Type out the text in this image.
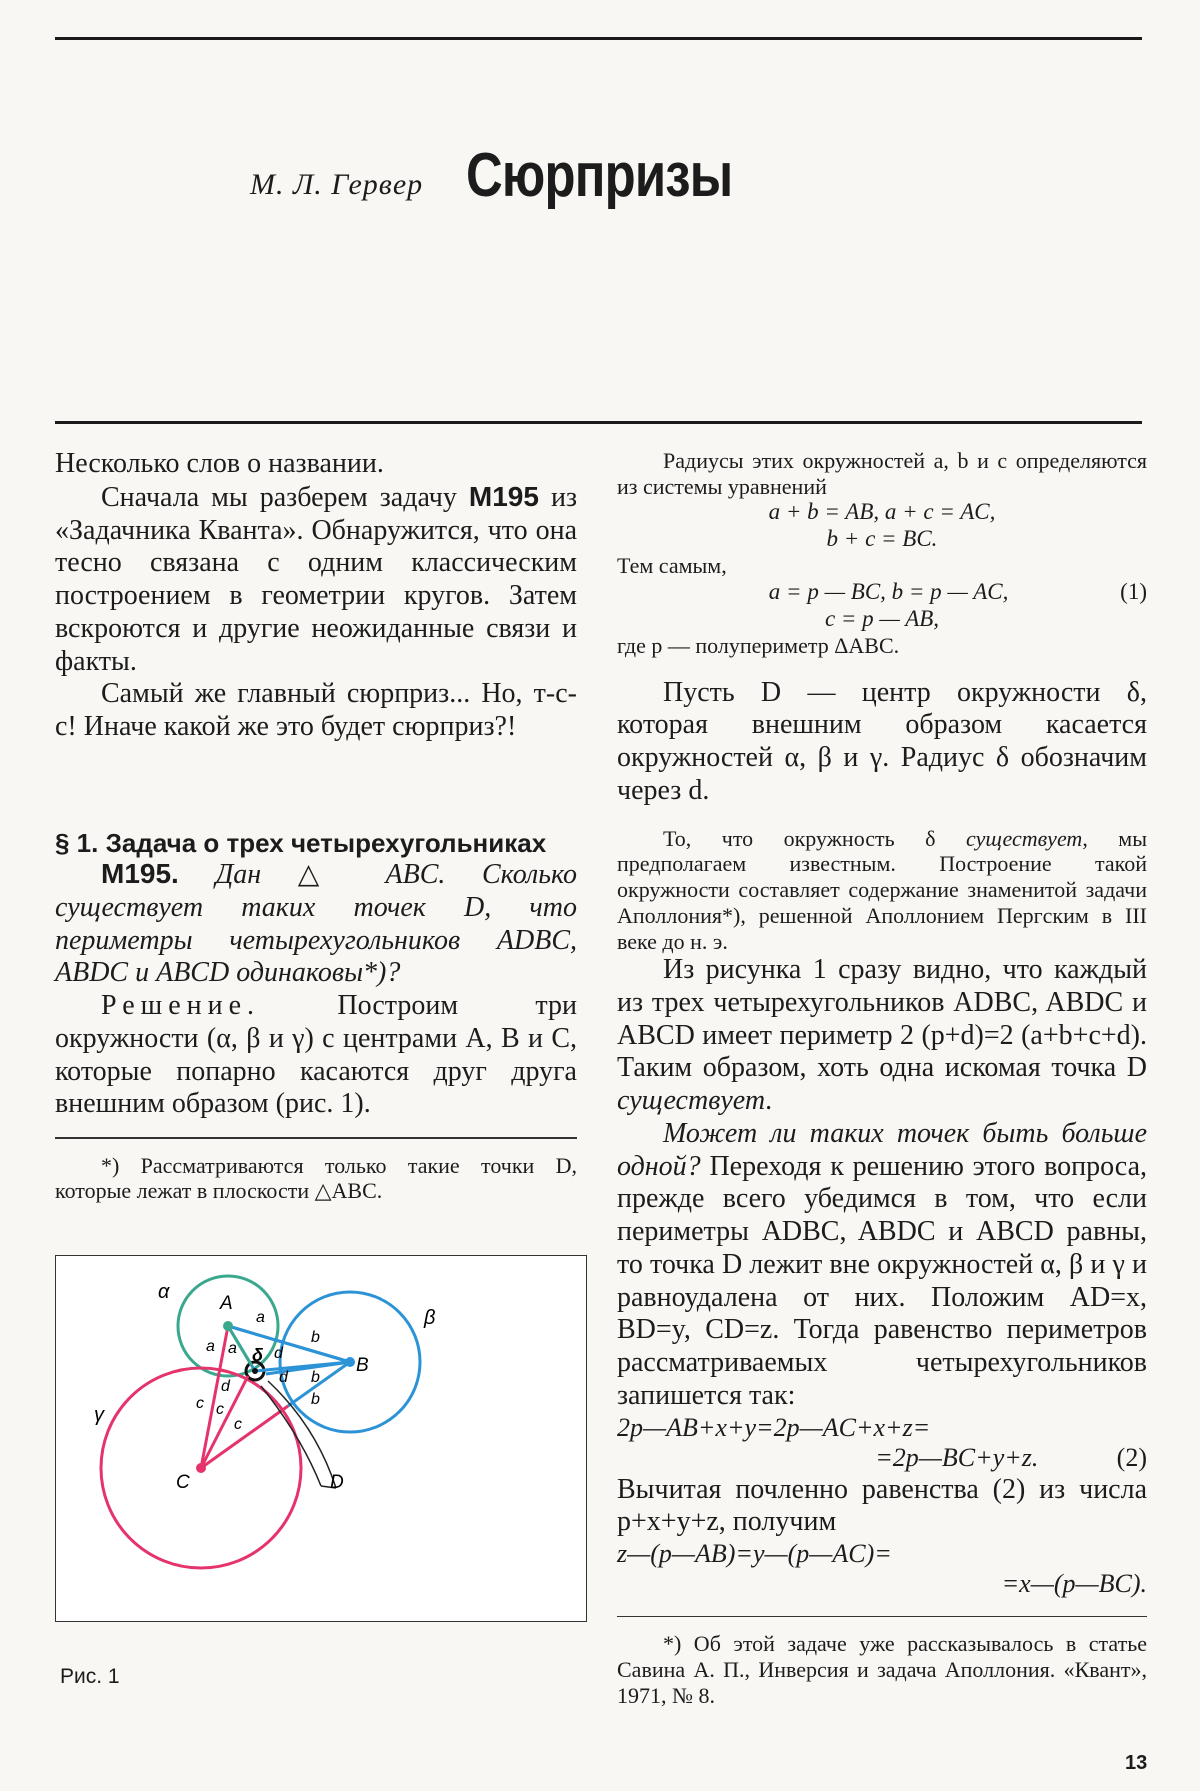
М. Л. Гервер Сюрпризы

Несколько слов о названии.

Сначала мы разберем задачу М195 из «Задачника Кванта». Обнаружится, что она тесно связана с одним классическим построением в геометрии кругов. Затем вскроются и другие неожиданные связи и факты.

Самый же главный сюрприз... Но, т-с-с! Иначе какой же это будет сюрприз?!

§ 1. Задача о трех четырехугольниках

М195. Дан △ ABC. Сколько существует таких точек D, что периметры четырехугольников ADBC, ABDC и ABCD одинаковы*)?

Решение. Построим три окружности (α, β и γ) с центрами A, B и C, которые попарно касаются друг друга внешним образом (рис. 1).

*) Рассматриваются только такие точки D, которые лежат в плоскости △ABC.

α
β
γ
δ
A
B
C	D
a
a a
b
b
b
c c
c
d
d
d
Рис. 1

Радиусы этих окружностей a, b и c определяются из системы уравнений

a + b = AB, a + c = AC,

b + c = BC.

Тем самым,

a = p — BC, b = p — AC,	(1)

c = p — AB,

где p — полупериметр ΔABC.

Пусть D — центр окружности δ, которая внешним образом касается окружностей α, β и γ. Радиус δ обозначим через d.

То, что окружность δ существует, мы предполагаем известным. Построение такой окружности составляет содержание знаменитой задачи Аполлония*), решенной Аполлонием Пергским в III веке до н. э.

Из рисунка 1 сразу видно, что каждый из трех четырехугольников ADBC, ABDC и ABCD имеет периметр 2 (p+d)=2 (a+b+c+d). Таким образом, хоть одна искомая точка D существует.

Может ли таких точек быть больше одной? Переходя к решению этого вопроса, прежде всего убедимся в том, что если периметры ADBC, ABDC и ABCD равны, то точка D лежит вне окружностей α, β и γ и равноудалена от них. Положим AD=x, BD=y, CD=z. Тогда равенство периметров рассматриваемых четырехугольников запишется так:

2p—AB+x+y=2p—AC+x+z=

=2p—BC+y+z.	(2)

Вычитая почленно равенства (2) из числа p+x+y+z, получим

z—(p—AB)=y—(p—AC)=

=x—(p—BC).

*) Об этой задаче уже рассказывалось в статье Савина А. П., Инверсия и задача Аполлония. «Квант», 1971, № 8.

13
